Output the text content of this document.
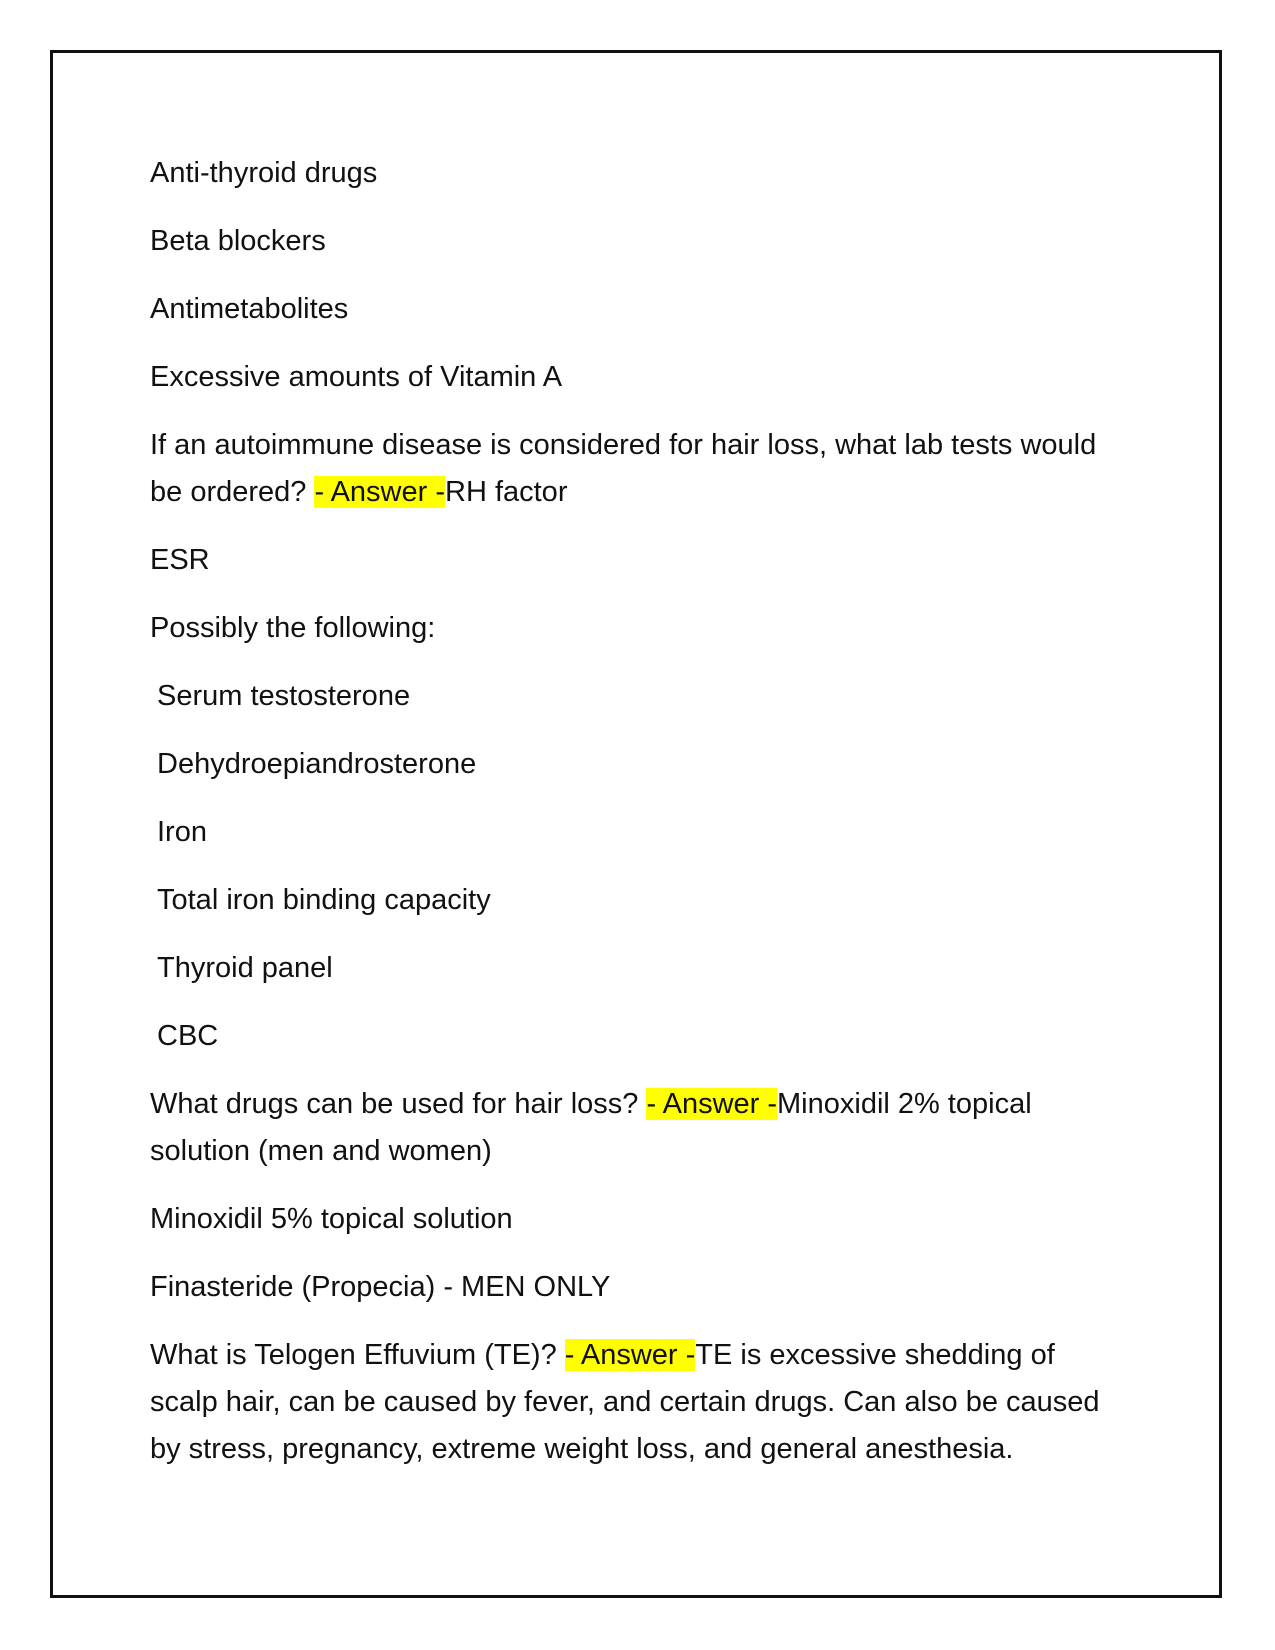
Anti-thyroid drugs

Beta blockers

Antimetabolites

Excessive amounts of Vitamin A

If an autoimmune disease is considered for hair loss, what lab tests would be ordered? - Answer -RH factor

ESR

Possibly the following:

Serum testosterone

Dehydroepiandrosterone

Iron

Total iron binding capacity

Thyroid panel

CBC

What drugs can be used for hair loss? - Answer -Minoxidil 2% topical solution (men and women)

Minoxidil 5% topical solution

Finasteride (Propecia) - MEN ONLY

What is Telogen Effuvium (TE)? - Answer -TE is excessive shedding of scalp hair, can be caused by fever, and certain drugs. Can also be caused by stress, pregnancy, extreme weight loss, and general anesthesia.
